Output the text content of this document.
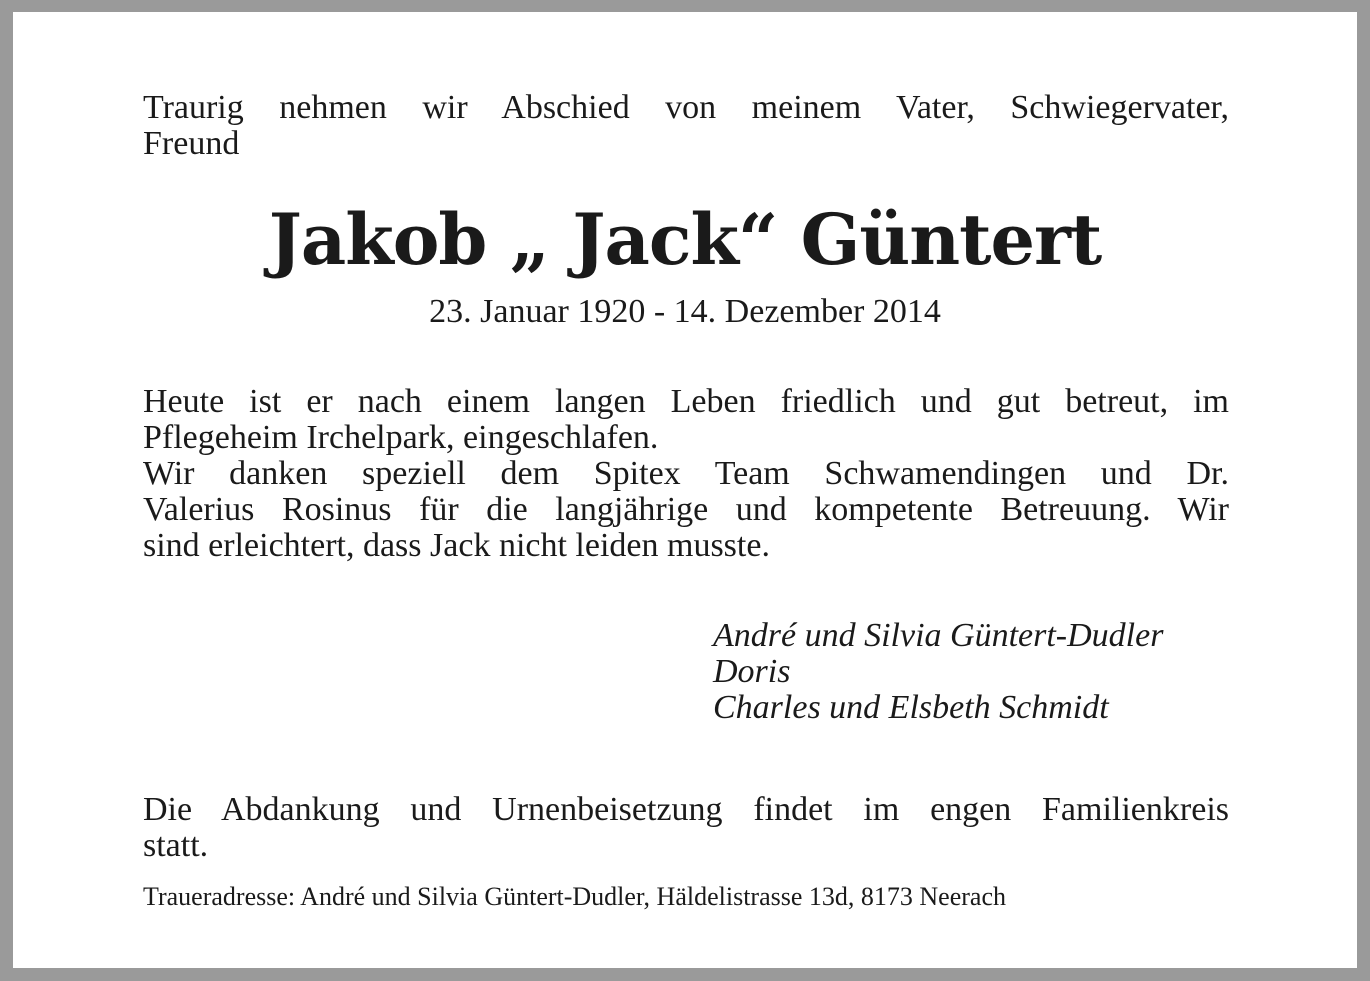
Traurig nehmen wir Abschied von meinem Vater, Schwiegervater,
Freund

Jakob „ Jack“ Güntert

23. Januar 1920 - 14. Dezember 2014

Heute ist er nach einem langen Leben friedlich und gut betreut, im
Pflegeheim Irchelpark, eingeschlafen.
Wir danken speziell dem Spitex Team Schwamendingen und Dr.
Valerius Rosinus für die langjährige und kompetente Betreuung. Wir
sind erleichtert, dass Jack nicht leiden musste.

André und Silvia Güntert-Dudler
Doris
Charles und Elsbeth Schmidt

Die Abdankung und Urnenbeisetzung findet im engen Familienkreis
statt.

Traueradresse: André und Silvia Güntert-Dudler, Häldelistrasse 13d, 8173 Neerach
